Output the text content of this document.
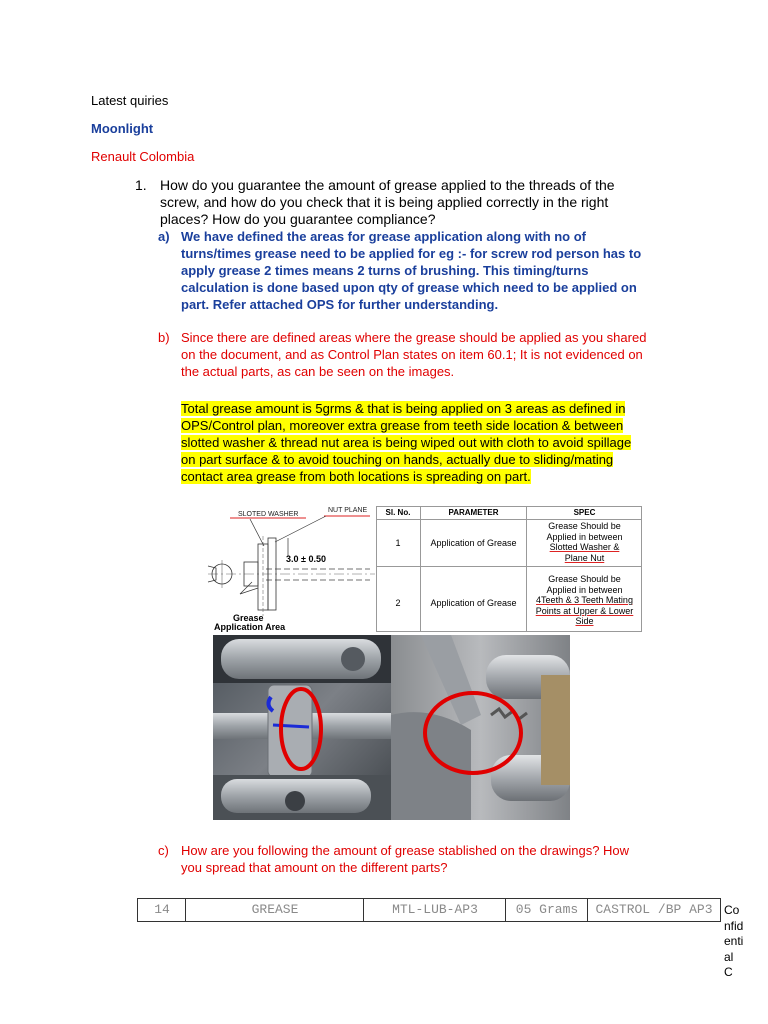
Latest quiries
Moonlight
Renault Colombia
1. How do you guarantee the amount of grease applied to the threads of the
screw, and how do you check that it is being applied correctly in the right
places? How do you guarantee compliance?
a) We have defined the areas for grease application along with no of
turns/times grease need to be applied for eg :- for screw rod person has to
apply grease 2 times means 2 turns of brushing. This timing/turns
calculation is done based upon qty of grease which need to be applied on
part. Refer attached OPS for further understanding.
b) Since there are defined areas where the grease should be applied as you shared
on the document, and as Control Plan states on item 60.1; It is not evidenced on
the actual parts, as can be seen on the images.
Total grease amount is 5grms & that is being applied on 3 areas as defined in
OPS/Control plan, moreover extra grease from teeth side location & between
slotted washer & thread nut area is being wiped out with cloth to avoid spillage
on part surface & to avoid touching on hands, actually due to sliding/mating
contact area grease from both locations is spreading on part.
SLOTED WASHER
NUT PLANE
3.0 ± 0.50
Grease
Application Area
Sl. No.	PARAMETER	SPEC
1	Application of Grease
Grease Should be
Applied in between
Slotted Washer &
Plane Nut
2	Application of Grease
Grease Should be
Applied in between
4Teeth & 3 Teeth Mating
Points at Upper & Lower
Side
c) How are you following the amount of grease stablished on the drawings? How
you spread that amount on the different parts?
14	GREASE	MTL-LUB-AP3	05 Grams	CASTROL /BP AP3 Confidential C
